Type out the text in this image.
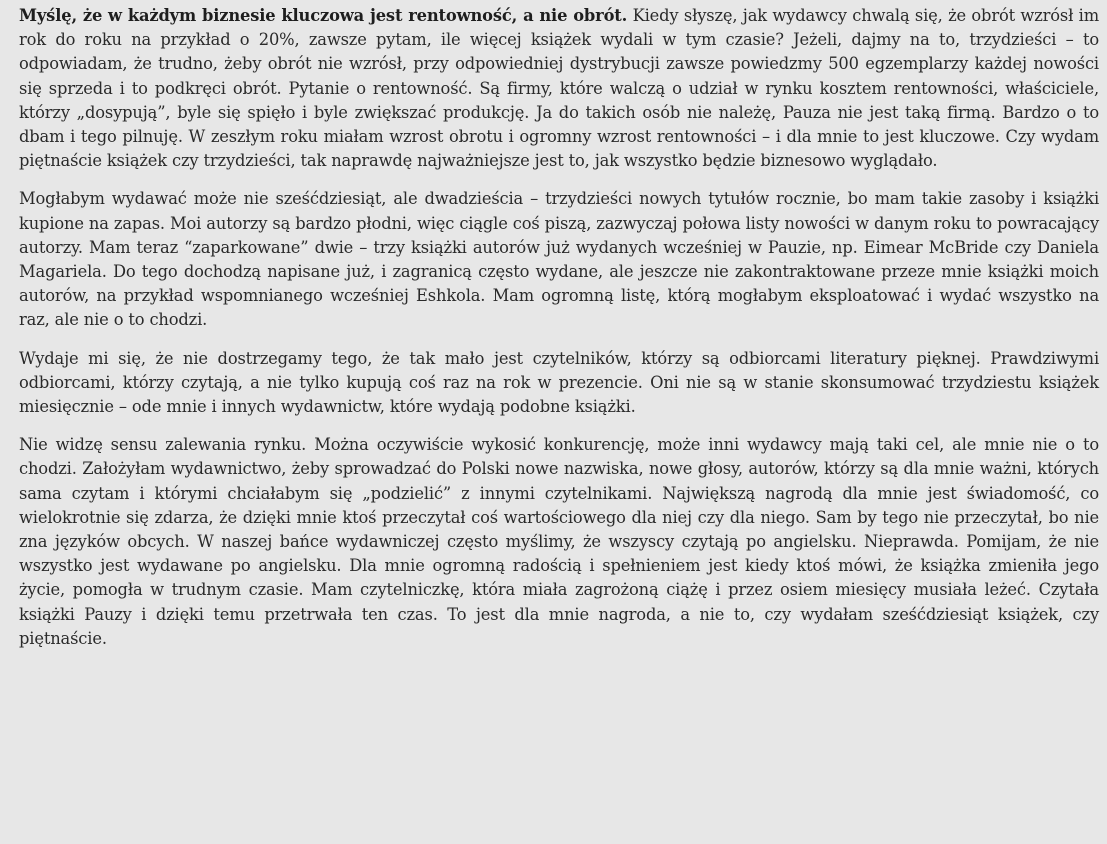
Myślę, że w każdym biznesie kluczowa jest rentowność, a nie obrót. Kiedy słyszę, jak wydawcy chwalą się, że obrót wzrósł im rok do roku na przykład o 20%, zawsze pytam, ile więcej książek wydali w tym czasie? Jeżeli, dajmy na to, trzydzieści – to odpowiadam, że trudno, żeby obrót nie wzrósł, przy odpowiedniej dystrybucji zawsze powiedzmy 500 egzemplarzy każdej nowości się sprzeda i to podkręci obrót. Pytanie o rentowność. Są firmy, które walczą o udział w rynku kosztem rentowności, właściciele, którzy „dosypują”, byle się spięło i byle zwiększać produkcję. Ja do takich osób nie należę, Pauza nie jest taką firmą. Bardzo o to dbam i tego pilnuję. W zeszłym roku miałam wzrost obrotu i ogromny wzrost rentowności – i dla mnie to jest kluczowe. Czy wydam piętnaście książek czy trzydzieści, tak naprawdę najważniejsze jest to, jak wszystko będzie biznesowo wyglądało.

Mogłabym wydawać może nie sześćdziesiąt, ale dwadzieścia – trzydzieści nowych tytułów rocznie, bo mam takie zasoby i książki kupione na zapas. Moi autorzy są bardzo płodni, więc ciągle coś piszą, zazwyczaj połowa listy nowości w danym roku to powracający autorzy. Mam teraz “zaparkowane” dwie – trzy książki autorów już wydanych wcześniej w Pauzie, np. Eimear McBride czy Daniela Magariela. Do tego dochodzą napisane już, i zagranicą często wydane, ale jeszcze nie zakontraktowane przeze mnie książki moich autorów, na przykład wspomnianego wcześniej Eshkola. Mam ogromną listę, którą mogłabym eksploatować i wydać wszystko na raz, ale nie o to chodzi.

Wydaje mi się, że nie dostrzegamy tego, że tak mało jest czytelników, którzy są odbiorcami literatury pięknej. Prawdziwymi odbiorcami, którzy czytają, a nie tylko kupują coś raz na rok w prezencie. Oni nie są w stanie skonsumować trzydziestu książek miesięcznie – ode mnie i innych wydawnictw, które wydają podobne książki.

Nie widzę sensu zalewania rynku. Można oczywiście wykosić konkurencję, może inni wydawcy mają taki cel, ale mnie nie o to chodzi. Założyłam wydawnictwo, żeby sprowadzać do Polski nowe nazwiska, nowe głosy, autorów, którzy są dla mnie ważni, których sama czytam i którymi chciałabym się „podzielić” z innymi czytelnikami. Największą nagrodą dla mnie jest świadomość, co wielokrotnie się zdarza, że dzięki mnie ktoś przeczytał coś wartościowego dla niej czy dla niego. Sam by tego nie przeczytał, bo nie zna języków obcych. W naszej bańce wydawniczej często myślimy, że wszyscy czytają po angielsku. Nieprawda. Pomijam, że nie wszystko jest wydawane po angielsku. Dla mnie ogromną radością i spełnieniem jest kiedy ktoś mówi, że książka zmieniła jego życie, pomogła w trudnym czasie. Mam czytelniczkę, która miała zagrożoną ciążę i przez osiem miesięcy musiała leżeć. Czytała książki Pauzy i dzięki temu przetrwała ten czas. To jest dla mnie nagroda, a nie to, czy wydałam sześćdziesiąt książek, czy piętnaście.
